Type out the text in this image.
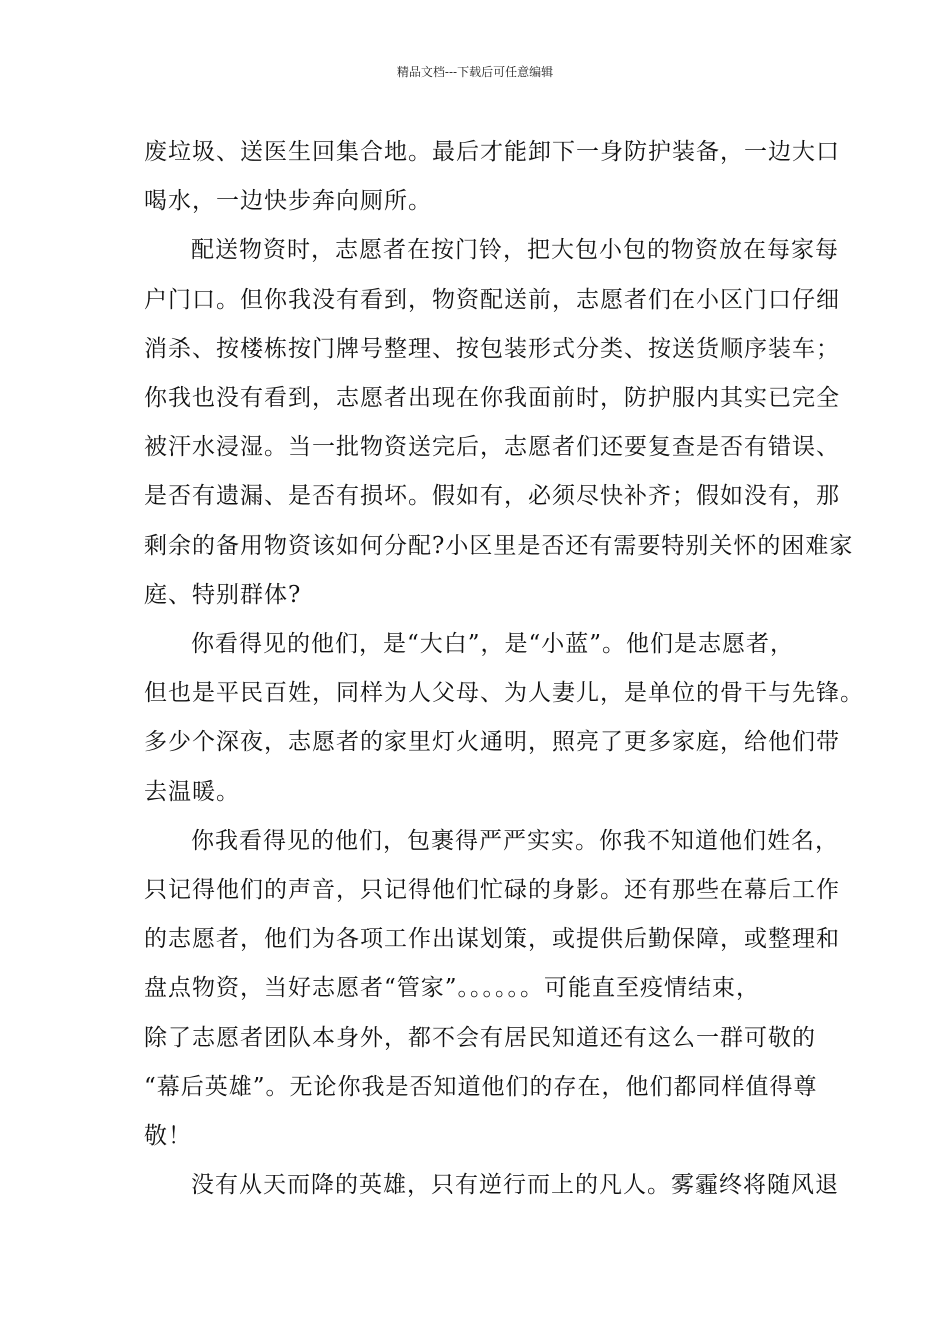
精品文档---下载后可任意编辑

废垃圾、送医生回集合地。最后才能卸下一身防护装备，一边大口
喝水，一边快步奔向厕所。

配送物资时，志愿者在按门铃，把大包小包的物资放在每家每
户门口。但你我没有看到，物资配送前，志愿者们在小区门口仔细
消杀、按楼栋按门牌号整理、按包装形式分类、按送货顺序装车；
你我也没有看到，志愿者出现在你我面前时，防护服内其实已完全
被汗水浸湿。当一批物资送完后，志愿者们还要复查是否有错误、
是否有遗漏、是否有损坏。假如有，必须尽快补齐；假如没有，那
剩余的备用物资该如何分配?小区里是否还有需要特别关怀的困难家
庭、特别群体?

你看得见的他们，是“大白”，是“小蓝”。他们是志愿者，
但也是平民百姓，同样为人父母、为人妻儿，是单位的骨干与先锋。
多少个深夜，志愿者的家里灯火通明，照亮了更多家庭，给他们带
去温暖。

你我看得见的他们，包裹得严严实实。你我不知道他们姓名，
只记得他们的声音，只记得他们忙碌的身影。还有那些在幕后工作
的志愿者，他们为各项工作出谋划策，或提供后勤保障，或整理和
盘点物资，当好志愿者“管家”。。。。。。可能直至疫情结束，
除了志愿者团队本身外，都不会有居民知道还有这么一群可敬的
“幕后英雄”。无论你我是否知道他们的存在，他们都同样值得尊
敬！

没有从天而降的英雄，只有逆行而上的凡人。雾霾终将随风退
